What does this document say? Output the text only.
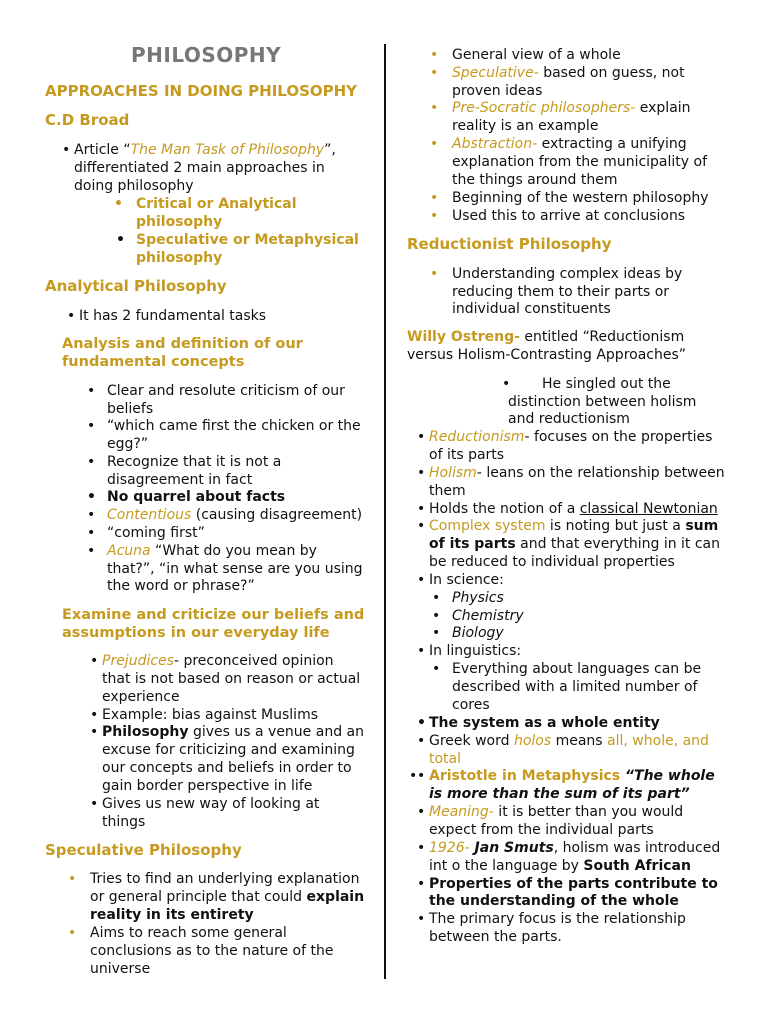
PHILOSOPHY
APPROACHES IN DOING PHILOSOPHY
C.D Broad
• Article “The Man Task of Philosophy”,
differentiated 2 main approaches in
doing philosophy
• Critical or Analytical
philosophy
• Speculative or Metaphysical
philosophy
Analytical Philosophy
• It has 2 fundamental tasks
Analysis and definition of our
fundamental concepts
• Clear and resolute criticism of our
beliefs
• “which came first the chicken or the
egg?”
• Recognize that it is not a
disagreement in fact
• No quarrel about facts
• Contentious (causing disagreement)
• “coming first”
• Acuna “What do you mean by
that?”, “in what sense are you using
the word or phrase?”
Examine and criticize our beliefs and
assumptions in our everyday life
• Prejudices- preconceived opinion
that is not based on reason or actual
experience
• Example: bias against Muslims
• Philosophy gives us a venue and an
excuse for criticizing and examining
our concepts and beliefs in order to
gain border perspective in life
• Gives us new way of looking at
things
Speculative Philosophy
• Tries to find an underlying explanation
or general principle that could explain
reality in its entirety
• Aims to reach some general
conclusions as to the nature of the
universe
• General view of a whole
• Speculative- based on guess, not
proven ideas
• Pre-Socratic philosophers- explain
reality is an example
• Abstraction- extracting a unifying
explanation from the municipality of
the things around them
• Beginning of the western philosophy
• Used this to arrive at conclusions
Reductionist Philosophy
• Understanding complex ideas by
reducing them to their parts or
individual constituents
Willy Ostreng- entitled “Reductionism
versus Holism-Contrasting Approaches”
• He singled out the
distinction between holism
and reductionism
• Reductionism- focuses on the properties
of its parts
• Holism- leans on the relationship between
them
• Holds the notion of a classical Newtonian
• Complex system is noting but just a sum
of its parts and that everything in it can
be reduced to individual properties
• In science:
• Physics
• Chemistry
• Biology
• In linguistics:
• Everything about languages can be
described with a limited number of
cores
• The system as a whole entity
• Greek word holos means all, whole, and
total
• • Aristotle in Metaphysics “The whole
is more than the sum of its part”
• Meaning- it is better than you would
expect from the individual parts
• 1926- Jan Smuts, holism was introduced
int o the language by South African
• Properties of the parts contribute to
the understanding of the whole
• The primary focus is the relationship
between the parts.
